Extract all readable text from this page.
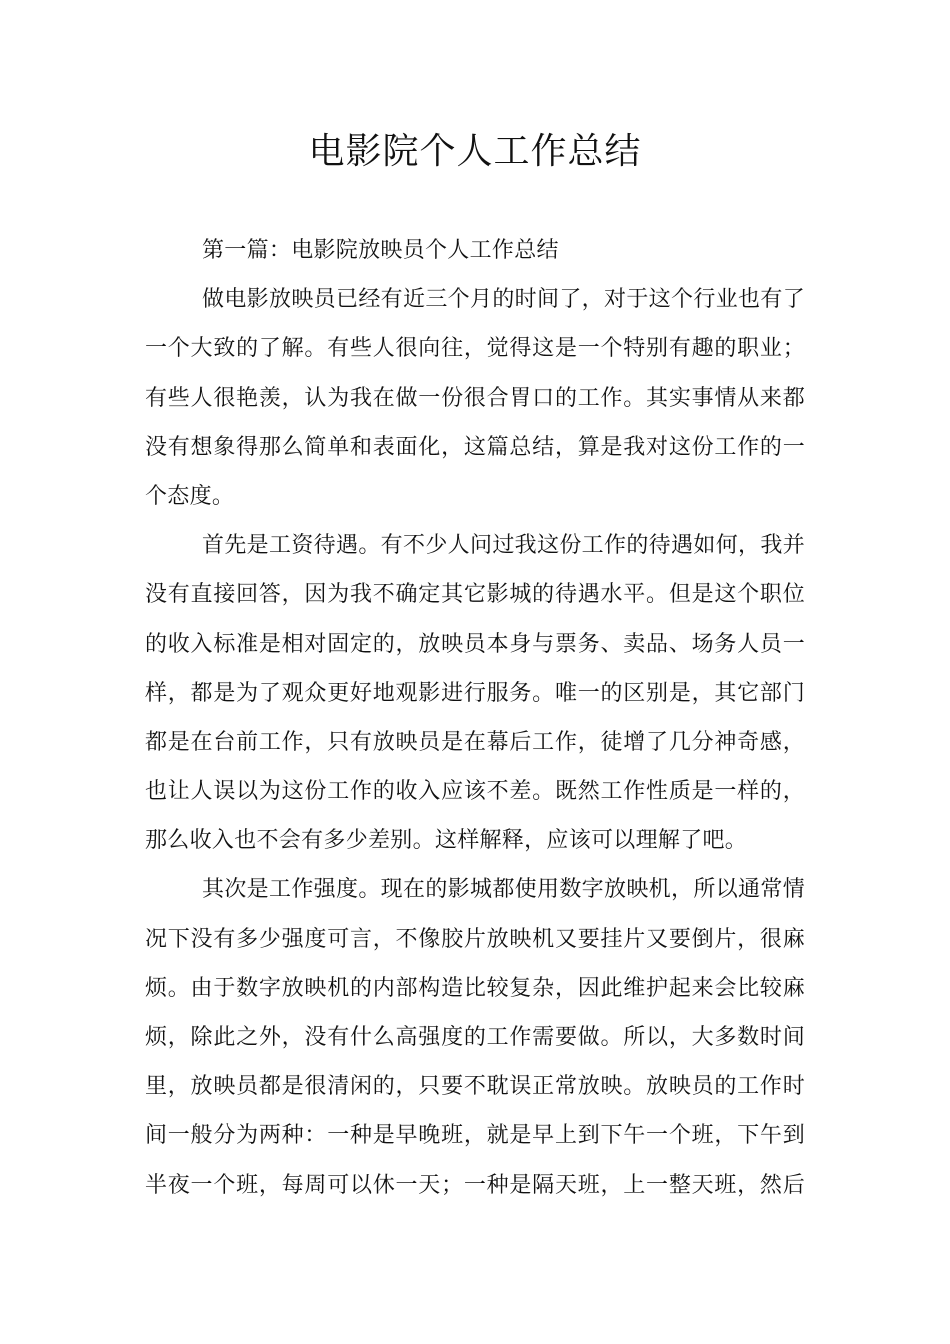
电影院个人工作总结
第一篇：电影院放映员个人工作总结
做电影放映员已经有近三个月的时间了，对于这个行业也有了
一个大致的了解。有些人很向往，觉得这是一个特别有趣的职业；
有些人很艳羡，认为我在做一份很合胃口的工作。其实事情从来都
没有想象得那么简单和表面化，这篇总结，算是我对这份工作的一
个态度。
首先是工资待遇。有不少人问过我这份工作的待遇如何，我并
没有直接回答，因为我不确定其它影城的待遇水平。但是这个职位
的收入标准是相对固定的，放映员本身与票务、卖品、场务人员一
样，都是为了观众更好地观影进行服务。唯一的区别是，其它部门
都是在台前工作，只有放映员是在幕后工作，徒增了几分神奇感，
也让人误以为这份工作的收入应该不差。既然工作性质是一样的，
那么收入也不会有多少差别。这样解释，应该可以理解了吧。
其次是工作强度。现在的影城都使用数字放映机，所以通常情
况下没有多少强度可言，不像胶片放映机又要挂片又要倒片，很麻
烦。由于数字放映机的内部构造比较复杂，因此维护起来会比较麻
烦，除此之外，没有什么高强度的工作需要做。所以，大多数时间
里，放映员都是很清闲的，只要不耽误正常放映。放映员的工作时
间一般分为两种：一种是早晚班，就是早上到下午一个班，下午到
半夜一个班，每周可以休一天；一种是隔天班，上一整天班，然后
